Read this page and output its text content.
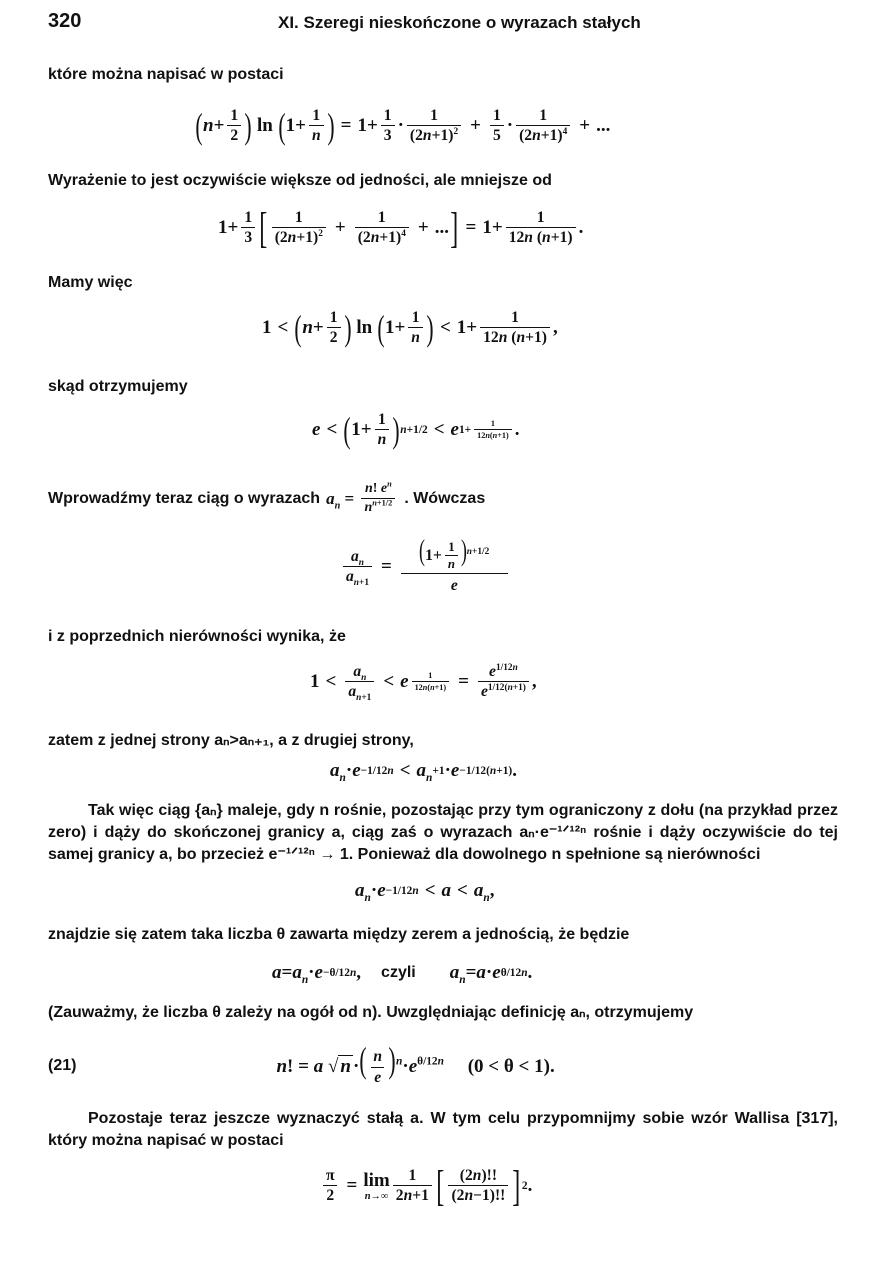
320	XI. Szeregi nieskończone o wyrazach stałych
które można napisać w postaci
( $n + \frac{1}{2}$ ) ln ( $1+ \frac{1}{n}$ ) = $1+ \frac{1}{3} \cdot \frac{1}{(2n+1)^2} + \frac{1}{5} \cdot \frac{1}{(2n+1)^4}$ + ...
Wyrażenie to jest oczywiście większe od jedności, ale mniejsze od
$1+ \frac{1}{3}$ [ $\frac{1}{(2n+1)^2} + \frac{1}{(2n+1)^4}$ + ... ] = $1+ \frac{1}{12n (n+1)}$ .
Mamy więc
1 < ( $n + \frac{1}{2}$ ) ln ( $1+ \frac{1}{n}$ ) < $1+ \frac{1}{12n (n+1)}$ ,
skąd otrzymujemy
e < ( $1+ \frac{1}{n}$ ) n+1/2 < e $1+ \frac{1}{12n(n+1)}$ .
Wprowadźmy teraz ciąg o wyrazach $a_n = \frac{n! e^n}{n^{n+1/2}}$ . Wówczas
$\frac{a_n}{a_{n+1}} = \frac{(1+ \frac{1}{n} )^{n+1/2}}{e}$
i z poprzednich nierówności wynika, że
$1 < \frac{a_n}{a_{n+1}} < e \frac{1}{12n(n+1)} = \frac{e^{1/12n}}{e^{1/12(n+1)}}$ ,
zatem z jednej strony aₙ>aₙ₊₁, a z drugiej strony,
$a_n \cdot e -1/12n < a_n$
+1 · e −1/12(n+1) .
Tak więc ciąg {aₙ} maleje, gdy n rośnie, pozostając przy tym ograniczony z dołu (na przykład przez zero) i dąży do skończonej granicy a, ciąg zaś o wyrazach aₙ·e⁻¹ᐟ¹²ⁿ rośnie i dąży oczywiście do tej samej granicy a, bo przecież e⁻¹ᐟ¹²ⁿ → 1. Ponieważ dla dowolnego n spełnione są nierówności
$a_n \cdot e -1/12n < a < a_n$ ,
znajdzie się zatem taka liczba θ zawarta między zerem a jednością, że będzie
$a = a_n \cdot e -\theta/12n$ , czyli $a_n = a \cdot e$ θ/12n .
(Zauważmy, że liczba θ zależy na ogół od n). Uwzględniając definicję aₙ, otrzymujemy
(21)	n! = a √ n ·( $\frac{n}{e} )^n\cdot e^{\theta/12n}$     (0 < θ < 1).
Pozostaje teraz jeszcze wyznaczyć stałą a. W tym celu przypomnijmy sobie wzór Wallisa [317], który można napisać w postaci
$\frac{\pi}{2} = \lim$
$n\to\infty \frac{1}{2n+1}$ [ $\frac{(2n)!!}{(2n-1)!!}$ ] 2 .
